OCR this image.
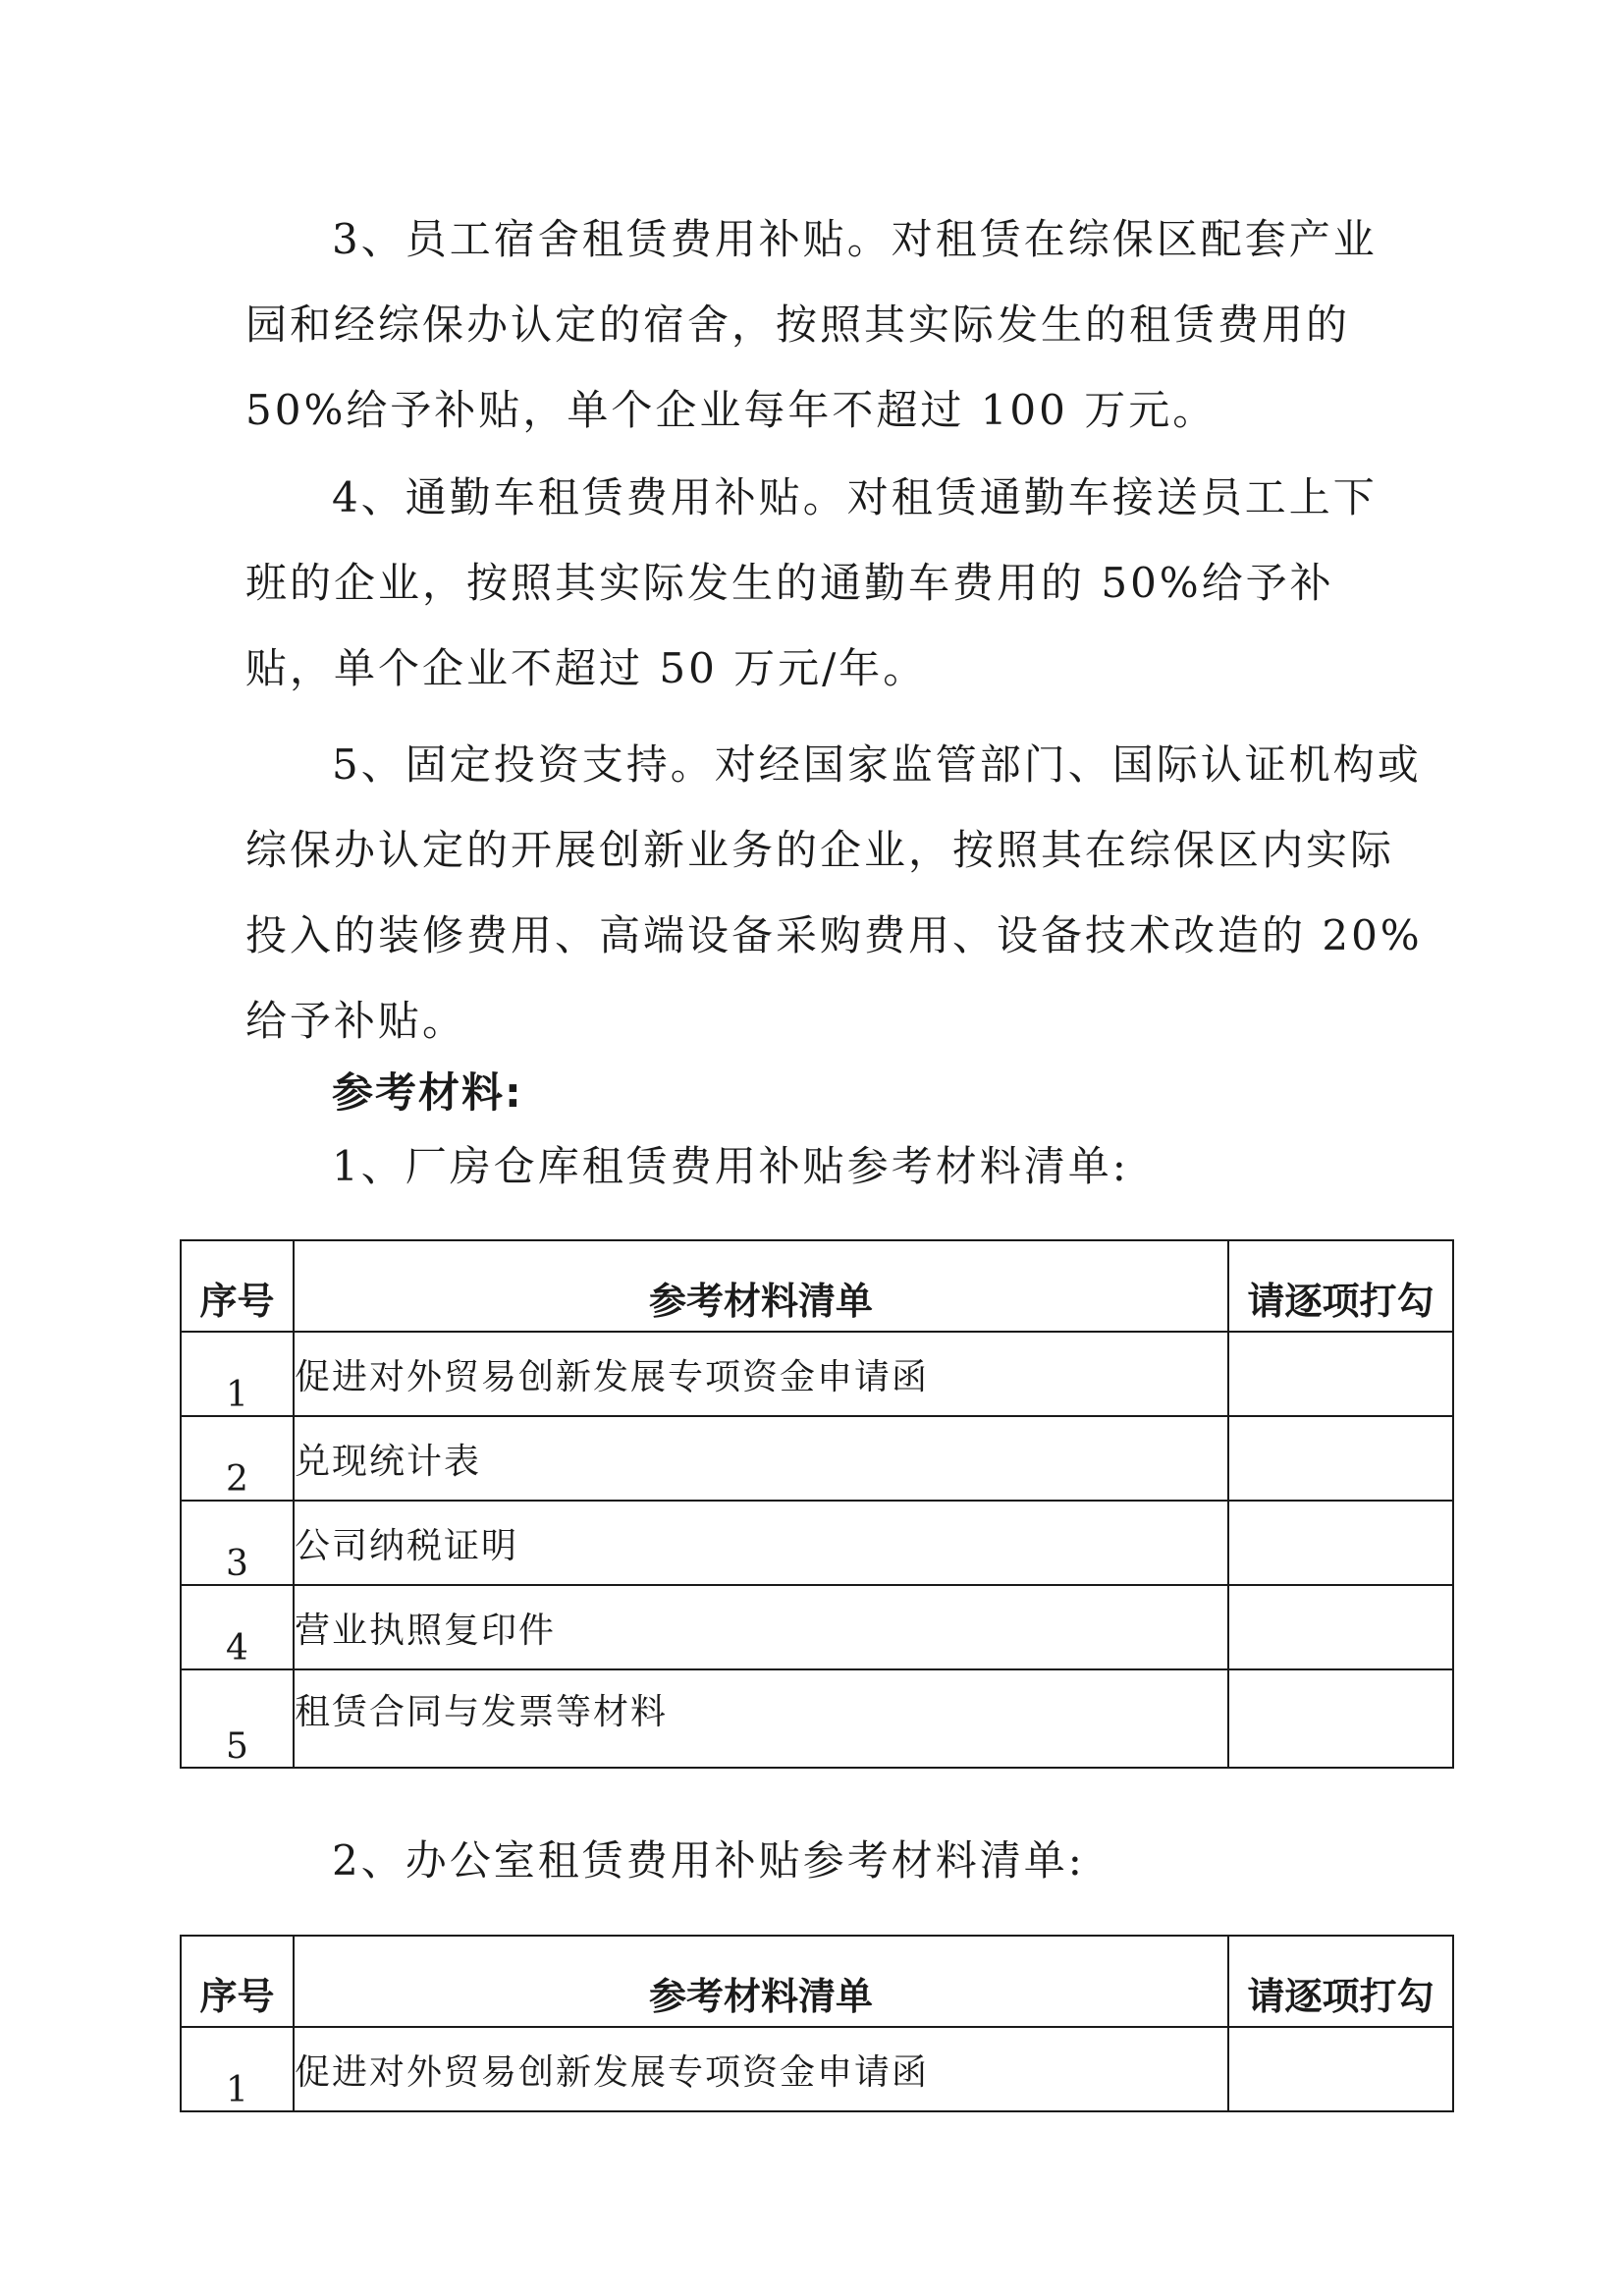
3、员工宿舍租赁费用补贴。对租赁在综保区配套产业
园和经综保办认定的宿舍，按照其实际发生的租赁费用的
50%给予补贴，单个企业每年不超过 100 万元。

4、通勤车租赁费用补贴。对租赁通勤车接送员工上下
班的企业，按照其实际发生的通勤车费用的 50%给予补
贴，单个企业不超过 50 万元/年。

5、固定投资支持。对经国家监管部门、国际认证机构或
综保办认定的开展创新业务的企业，按照其在综保区内实际
投入的装修费用、高端设备采购费用、设备技术改造的 20%
给予补贴。

参考材料:

1、厂房仓库租赁费用补贴参考材料清单:

序号	参考材料清单	请逐项打勾
1	促进对外贸易创新发展专项资金申请函	
2	兑现统计表	
3	公司纳税证明	
4	营业执照复印件	
5	租赁合同与发票等材料	

2、办公室租赁费用补贴参考材料清单:

序号	参考材料清单	请逐项打勾
1	促进对外贸易创新发展专项资金申请函	
